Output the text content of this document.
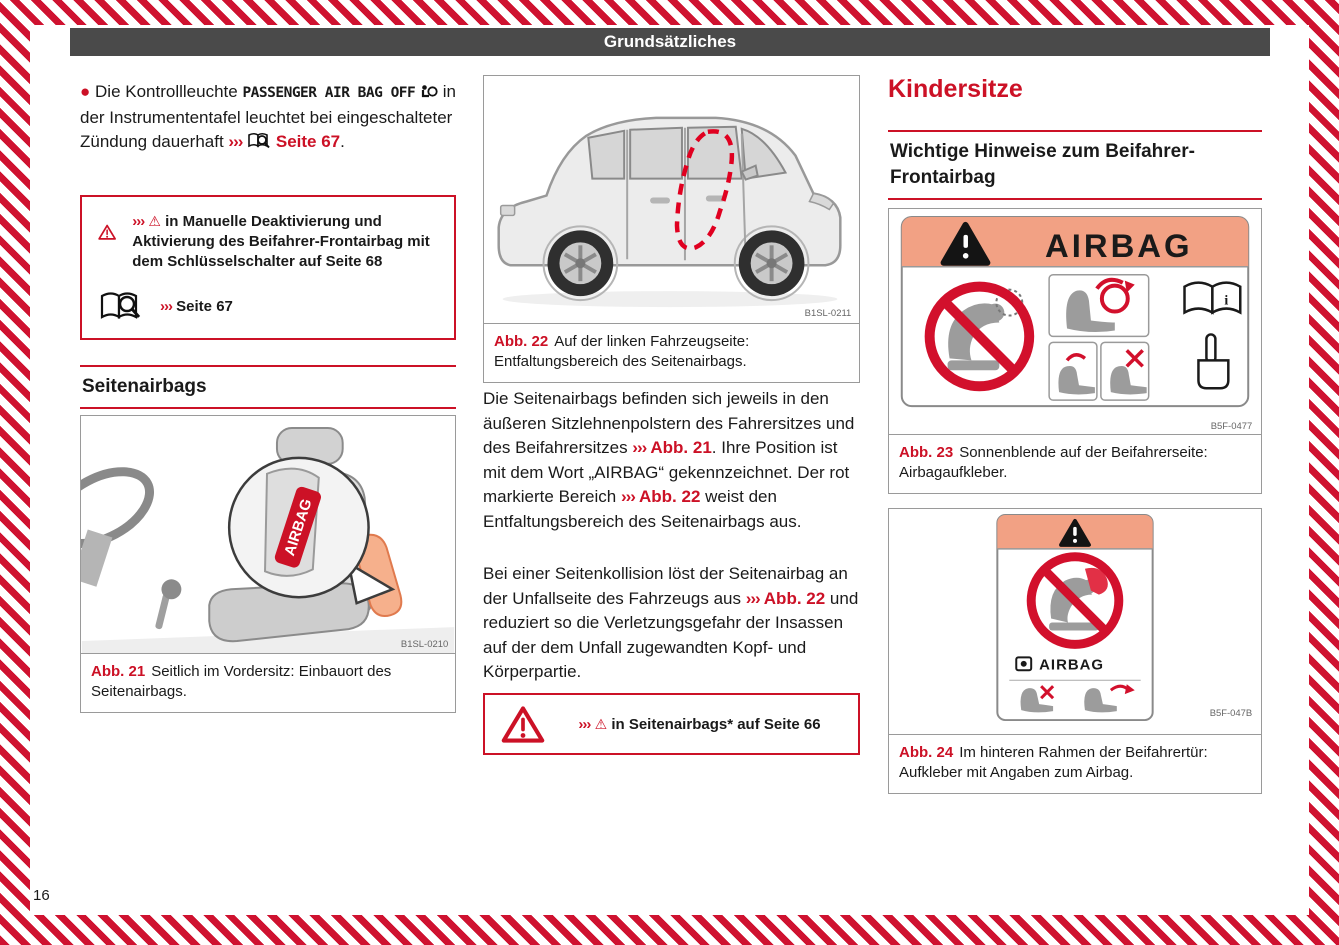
Grundsätzliches

● Die Kontrollleuchte PASSENGER AIR BAG OFF  in der Instrumententafel leuchtet bei eingeschalteter Zündung dauerhaft ››› Seite 67.

››› ⚠ in Manuelle Deaktivierung und Aktivierung des Beifahrer-Frontairbag mit dem Schlüsselschalter auf Seite 68
››› Seite 67
Seitenairbags
AIRBAG
B1SL-0210
Abb. 21 Seitlich im Vordersitz: Einbauort des Seitenairbags.
B1SL-0211
Abb. 22 Auf der linken Fahrzeugseite: Entfaltungsbereich des Seitenairbags.

Die Seitenairbags befinden sich jeweils in den äußeren Sitzlehnenpolstern des Fahrersitzes und des Beifahrersitzes ››› Abb. 21. Ihre Position ist mit dem Wort „AIRBAG“ gekennzeichnet. Der rot markierte Bereich ››› Abb. 22 weist den Entfaltungsbereich des Seitenairbags aus.

Bei einer Seitenkollision löst der Seitenairbag an der Unfallseite des Fahrzeugs aus ››› Abb. 22 und reduziert so die Verletzungsgefahr der Insassen auf der dem Unfall zugewandten Kopf- und Körperpartie.

››› ⚠ in Seitenairbags* auf Seite 66
Kindersitze
Wichtige Hinweise zum Beifahrer-Frontairbag
AIRBAG
i
B5F-0477
Abb. 23 Sonnenblende auf der Beifahrerseite: Airbagaufkleber.
AIRBAG
B5F-047B
Abb. 24 Im hinteren Rahmen der Beifahrertür: Aufkleber mit Angaben zum Airbag.
16
